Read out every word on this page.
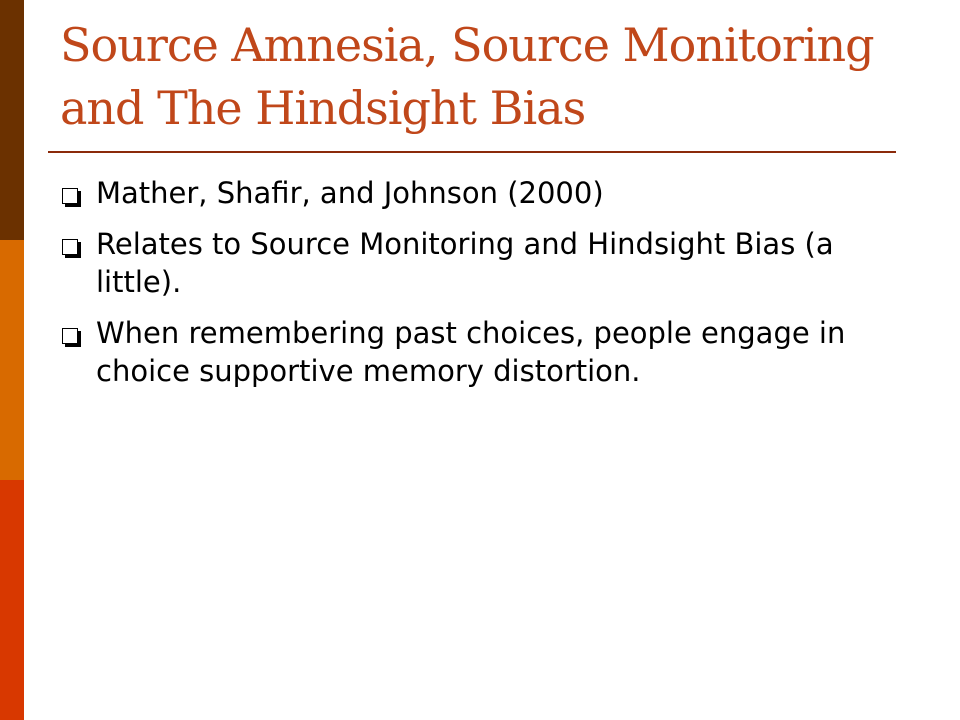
Source Amnesia, Source Monitoring and The Hindsight Bias
Mather, Shafir, and Johnson (2000)
Relates to Source Monitoring and Hindsight Bias (a little).
When remembering past choices, people engage in choice supportive memory distortion.
